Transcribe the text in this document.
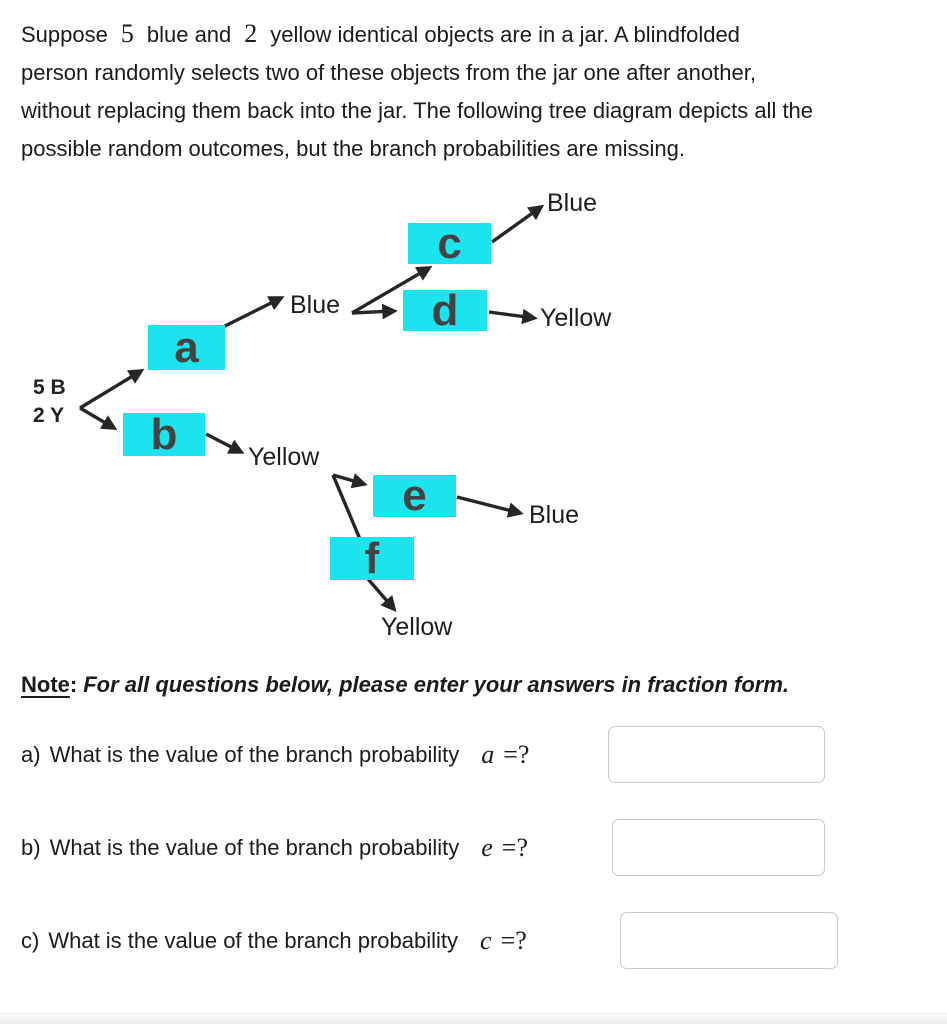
Suppose 5 blue and 2 yellow identical objects are in a jar. A blindfolded
person randomly selects two of these objects from the jar one after another,
without replacing them back into the jar. The following tree diagram depicts all the
possible random outcomes, but the branch probabilities are missing.
5 B
2 Y
a
b
c
d
e
f
Blue
Yellow
Blue
Yellow
Blue
Yellow
Note: For all questions below, please enter your answers in fraction form.
a) What is the value of the branch probability a =?
b) What is the value of the branch probability e =?
c) What is the value of the branch probability c =?
